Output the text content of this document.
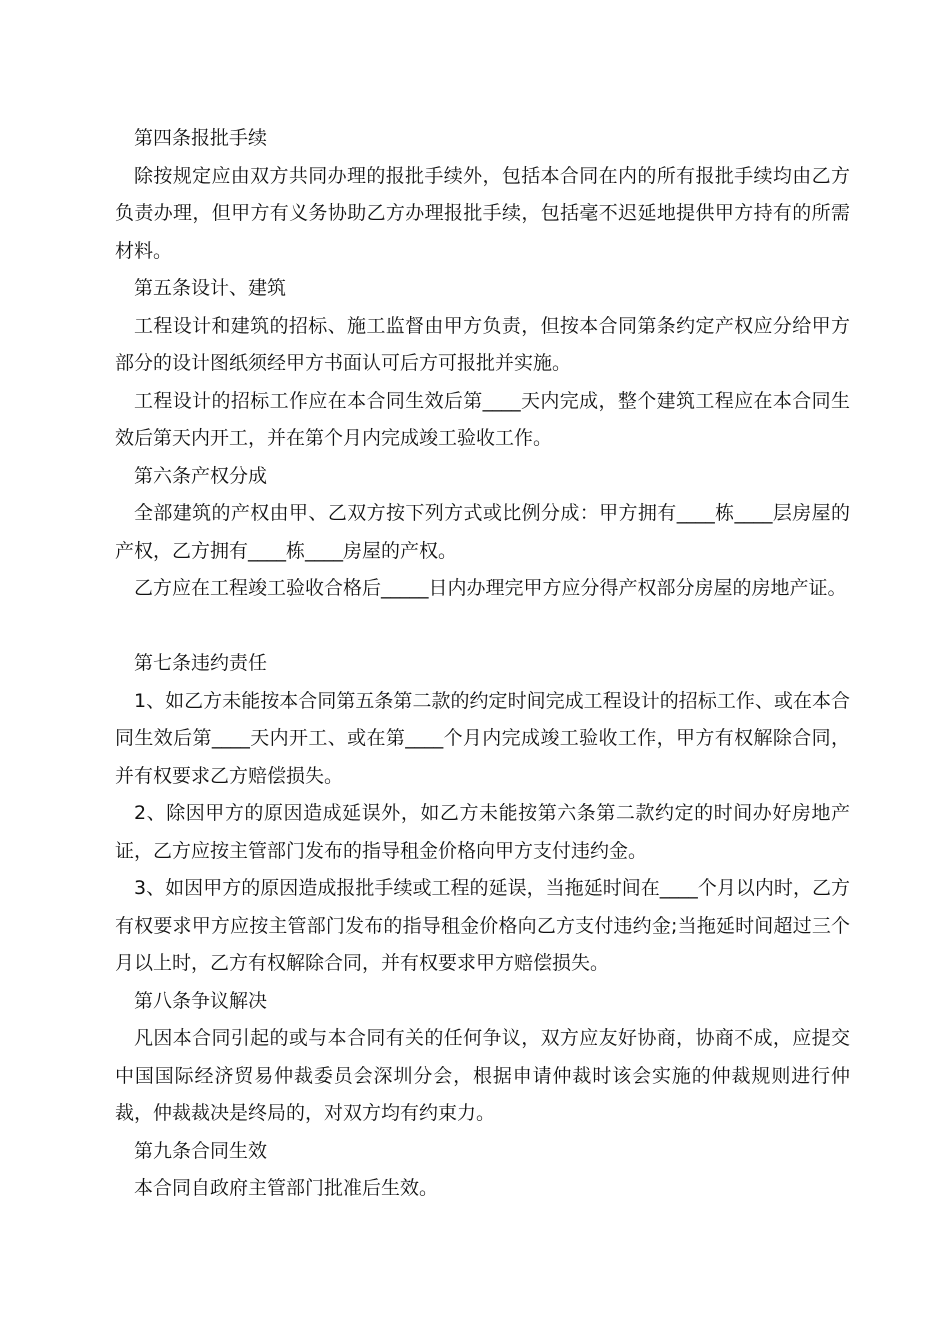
第四条报批手续

除按规定应由双方共同办理的报批手续外，包括本合同在内的所有报批手续均由乙方负责办理，但甲方有义务协助乙方办理报批手续，包括毫不迟延地提供甲方持有的所需材料。

第五条设计、建筑

工程设计和建筑的招标、施工监督由甲方负责，但按本合同第条约定产权应分给甲方部分的设计图纸须经甲方书面认可后方可报批并实施。

工程设计的招标工作应在本合同生效后第____天内完成，整个建筑工程应在本合同生效后第天内开工，并在第个月内完成竣工验收工作。

第六条产权分成

全部建筑的产权由甲、乙双方按下列方式或比例分成：甲方拥有____栋____层房屋的产权，乙方拥有____栋____房屋的产权。

乙方应在工程竣工验收合格后_____日内办理完甲方应分得产权部分房屋的房地产证。

第七条违约责任

1、如乙方未能按本合同第五条第二款的约定时间完成工程设计的招标工作、或在本合同生效后第____天内开工、或在第____个月内完成竣工验收工作，甲方有权解除合同，并有权要求乙方赔偿损失。

2、除因甲方的原因造成延误外，如乙方未能按第六条第二款约定的时间办好房地产证，乙方应按主管部门发布的指导租金价格向甲方支付违约金。

3、如因甲方的原因造成报批手续或工程的延误，当拖延时间在____个月以内时，乙方有权要求甲方应按主管部门发布的指导租金价格向乙方支付违约金;当拖延时间超过三个月以上时，乙方有权解除合同，并有权要求甲方赔偿损失。

第八条争议解决

凡因本合同引起的或与本合同有关的任何争议，双方应友好协商，协商不成，应提交中国国际经济贸易仲裁委员会深圳分会，根据申请仲裁时该会实施的仲裁规则进行仲裁，仲裁裁决是终局的，对双方均有约束力。

第九条合同生效

本合同自政府主管部门批准后生效。
